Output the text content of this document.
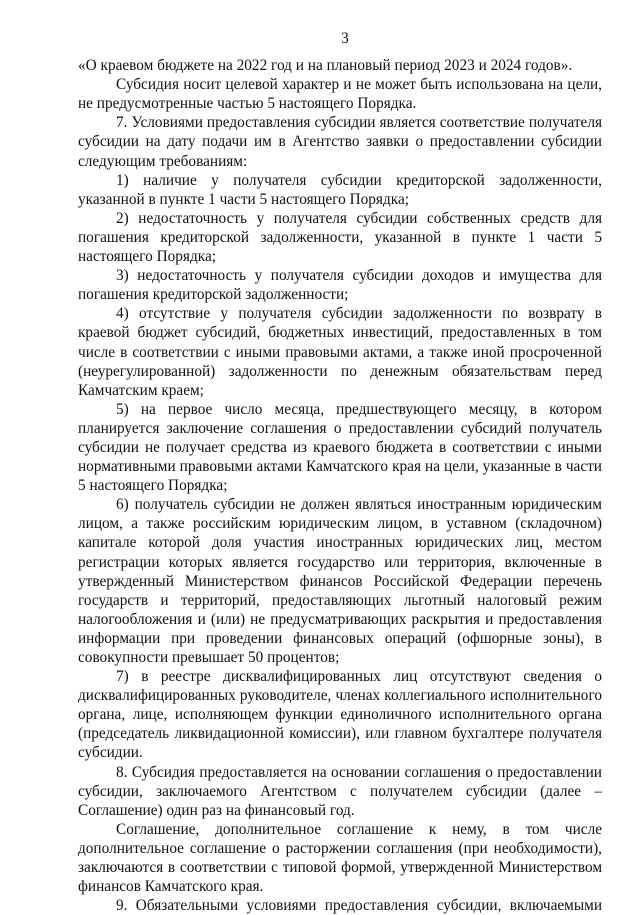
3

«О краевом бюджете на 2022 год и на плановый период 2023 и 2024 годов».

Субсидия носит целевой характер и не может быть использована на цели, не предусмотренные частью 5 настоящего Порядка.

7. Условиями предоставления субсидии является соответствие получателя субсидии на дату подачи им в Агентство заявки о предоставлении субсидии следующим требованиям:

1) наличие у получателя субсидии кредиторской задолженности, указанной в пункте 1 части 5 настоящего Порядка;

2) недостаточность у получателя субсидии собственных средств для погашения кредиторской задолженности, указанной в пункте 1 части 5 настоящего Порядка;

3) недостаточность у получателя субсидии доходов и имущества для погашения кредиторской задолженности;

4) отсутствие у получателя субсидии задолженности по возврату в краевой бюджет субсидий, бюджетных инвестиций, предоставленных в том числе в соответствии с иными правовыми актами, а также иной просроченной (неурегулированной) задолженности по денежным обязательствам перед Камчатским краем;

5) на первое число месяца, предшествующего месяцу, в котором планируется заключение соглашения о предоставлении субсидий получатель субсидии не получает средства из краевого бюджета в соответствии с иными нормативными правовыми актами Камчатского края на цели, указанные в части 5 настоящего Порядка;

6) получатель субсидии не должен являться иностранным юридическим лицом, а также российским юридическим лицом, в уставном (складочном) капитале которой доля участия иностранных юридических лиц, местом регистрации которых является государство или территория, включенные в утвержденный Министерством финансов Российской Федерации перечень государств и территорий, предоставляющих льготный налоговый режим налогообложения и (или) не предусматривающих раскрытия и предоставления информации при проведении финансовых операций (офшорные зоны), в совокупности превышает 50 процентов;

7) в реестре дисквалифицированных лиц отсутствуют сведения о дисквалифицированных руководителе, членах коллегиального исполнительного органа, лице, исполняющем функции единоличного исполнительного органа (председатель ликвидационной комиссии), или главном бухгалтере получателя субсидии.

8. Субсидия предоставляется на основании соглашения о предоставлении субсидии, заключаемого Агентством с получателем субсидии (далее – Соглашение) один раз на финансовый год.

Соглашение, дополнительное соглашение к нему, в том числе дополнительное соглашение о расторжении соглашения (при необходимости), заключаются в соответствии с типовой формой, утвержденной Министерством финансов Камчатского края.

9. Обязательными условиями предоставления субсидии, включаемыми
